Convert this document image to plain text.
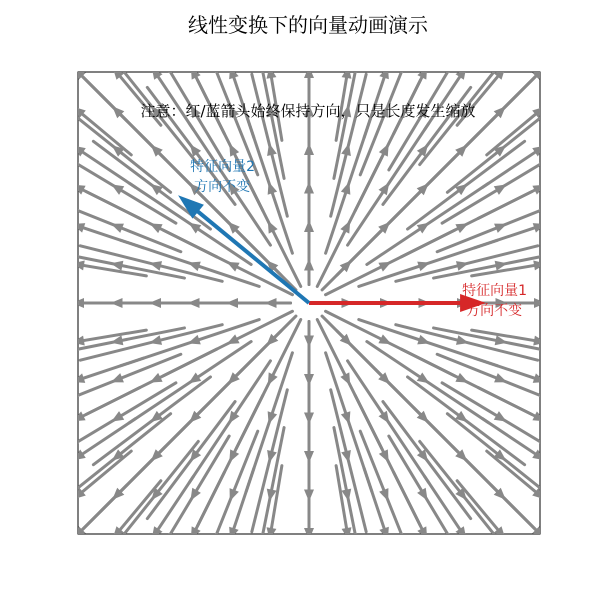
线性变换下的向量动画演示
注意：红/蓝箭头始终保持方向，只是长度发生缩放
特征向量1
方向不变
特征向量2
方向不变
